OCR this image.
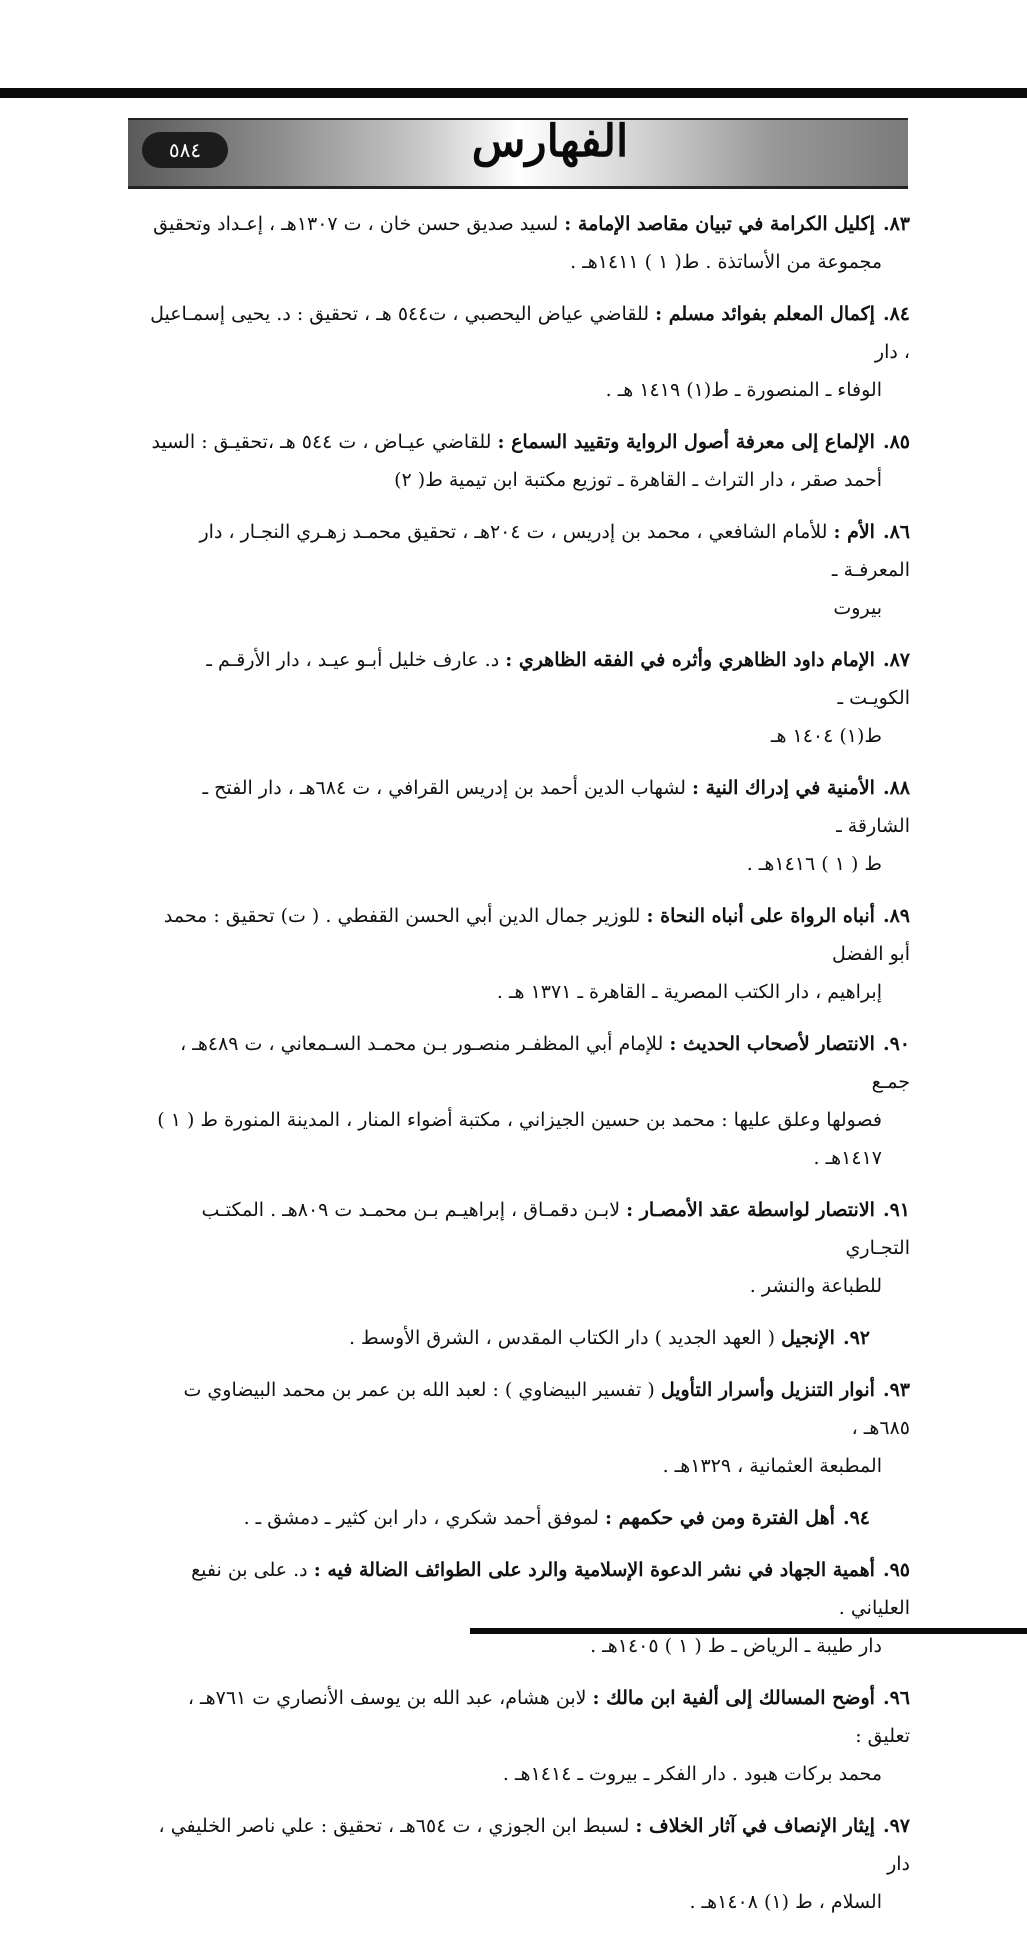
٥٨٤	الفهارس
٨٣.إكليل الكرامة في تبيان مقاصد الإمامة : لسيد صديق حسن خان ، ت ١٣٠٧هـ ، إعـداد وتحقيق
مجموعة من الأساتذة . ط( ١ ) ١٤١١هـ .
٨٤.إكمال المعلم بفوائد مسلم : للقاضي عياض اليحصبي ، ت٥٤٤ هـ ، تحقيق : د. يحيى إسمـاعيل ، دار
الوفاء ـ المنصورة ـ ط(١) ١٤١٩ هـ .
٨٥.الإلماع إلى معرفة أصول الرواية وتقييد السماع : للقاضي عيـاض ، ت ٥٤٤ هـ ،تحقيـق : السيد
أحمد صقر ، دار التراث ـ القاهرة ـ توزيع مكتبة ابن تيمية ط( ٢)
٨٦.الأم : للأمام الشافعي ، محمد بن إدريس ، ت ٢٠٤هـ ، تحقيق محمـد زهـري النجـار ، دار المعرفـة ـ
بيروت
٨٧.الإمام داود الظاهري وأثره في الفقه الظاهري : د. عارف خليل أبـو عيـد ، دار الأرقـم ـ الكويـت ـ
ط(١) ١٤٠٤ هـ
٨٨.الأمنية في إدراك النية : لشهاب الدين أحمد بن إدريس القرافي ، ت ٦٨٤هـ ، دار الفتح ـ الشارقة ـ
ط ( ١ ) ١٤١٦هـ .
٨٩.أنباه الرواة على أنباه النحاة : للوزير جمال الدين أبي الحسن القفطي . ( ت) تحقيق : محمد أبو الفضل
إبراهيم ، دار الكتب المصرية ـ القاهرة ـ ١٣٧١ هـ .
٩٠.الانتصار لأصحاب الحديث : للإمام أبي المظفـر منصـور بـن محمـد السـمعاني ، ت ٤٨٩هـ ، جمـع
فصولها وعلق عليها : محمد بن حسين الجيزاني ، مكتبة أضواء المنار ، المدينة المنورة ط ( ١ ) ١٤١٧هـ .
٩١.الانتصار لواسطة عقد الأمصـار : لابـن دقمـاق ، إبراهيـم بـن محمـد ت ٨٠٩هـ . المكتـب التجـاري
للطباعة والنشر .
٩٢.الإنجيل ( العهد الجديد ) دار الكتاب المقدس ، الشرق الأوسط .
٩٣.أنوار التنزيل وأسرار التأويل ( تفسير البيضاوي ) : لعبد الله بن عمر بن محمد البيضاوي ت ٦٨٥هـ ،
المطبعة العثمانية ، ١٣٢٩هـ .
٩٤.أهل الفترة ومن في حكمهم : لموفق أحمد شكري ، دار ابن كثير ـ دمشق ـ .
٩٥.أهمية الجهاد في نشر الدعوة الإسلامية والرد على الطوائف الضالة فيه : د. على بن نفيع العلياني .
دار طيبة ـ الرياض ـ ط ( ١ ) ١٤٠٥هـ .
٩٦.أوضح المسالك إلى ألفية ابن مالك : لابن هشام، عبد الله بن يوسف الأنصاري ت ٧٦١هـ ، تعليق :
محمد بركات هبود . دار الفكر ـ بيروت ـ ١٤١٤هـ .
٩٧.إيثار الإنصاف في آثار الخلاف : لسبط ابن الجوزي ، ت ٦٥٤هـ ، تحقيق : علي ناصر الخليفي ، دار
السلام ، ط (١) ١٤٠٨هـ .
